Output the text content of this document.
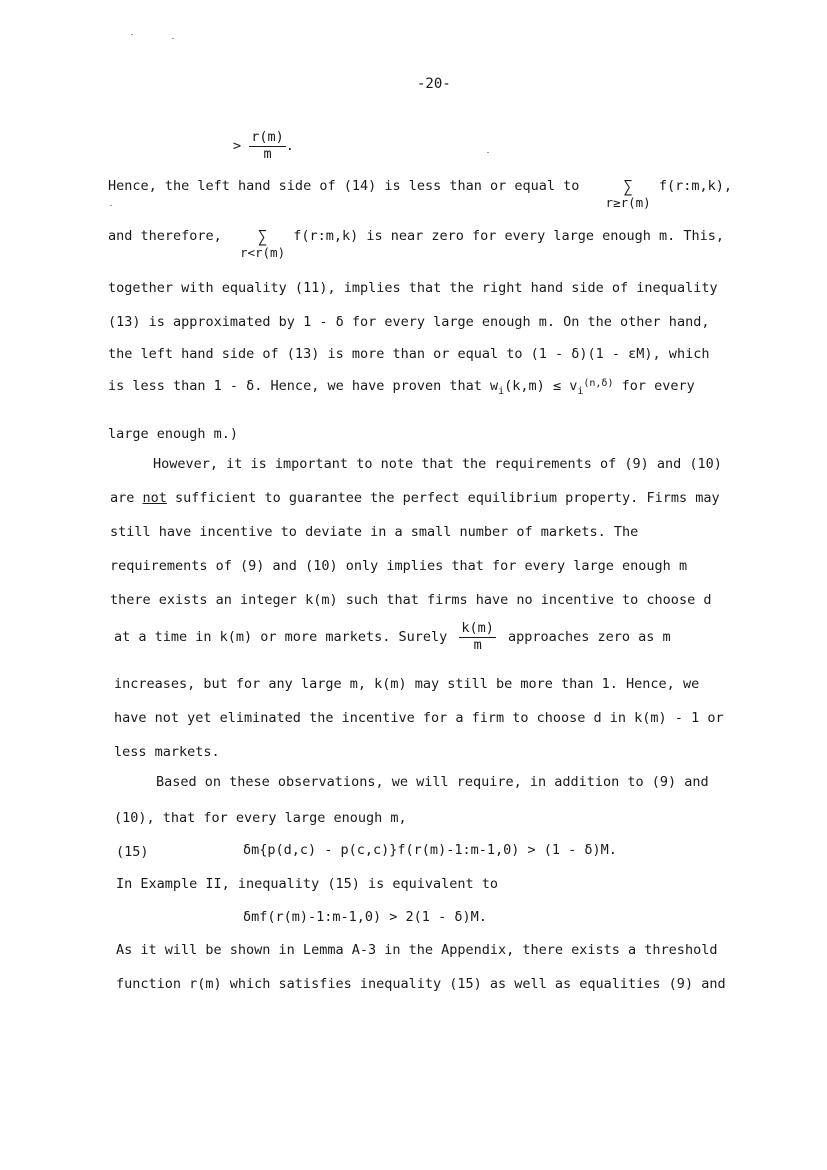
-20-
> $\frac{r(m)}{m}$ .
Hence, the left hand side of (14) is less than or equal to	∑
r≥r(m)
f(r:m,k),
and therefore, ∑
r<r(m)
f(r:m,k) is near zero for every large enough m. This,
together with equality (11), implies that the right hand side of inequality
(13) is approximated by 1 - δ for every large enough m. On the other hand,
the left hand side of (13) is more than or equal to (1 - δ)(1 - εM), which
is less than 1 - δ. Hence, we have proven that $w_i(k,m) \le v_i^{(n,\delta)}$ for every
large enough m.)
However, it is important to note that the requirements of (9) and (10)
are not sufficient to guarantee the perfect equilibrium property. Firms may
still have incentive to deviate in a small number of markets. The
requirements of (9) and (10) only implies that for every large enough m
there exists an integer k(m) such that firms have no incentive to choose d
at a time in k(m) or more markets. Surely $\frac{k(m)}{m}$ approaches zero as m
increases, but for any large m, k(m) may still be more than 1. Hence, we
have not yet eliminated the incentive for a firm to choose d in k(m) - 1 or
less markets.
Based on these observations, we will require, in addition to (9) and
(10), that for every large enough m,
(15)	δm{p(d,c) - p(c,c)}f(r(m)-1:m-1,0) > (1 - δ)M.
In Example II, inequality (15) is equivalent to
δmf(r(m)-1:m-1,0) > 2(1 - δ)M.
As it will be shown in Lemma A-3 in the Appendix, there exists a threshold
function r(m) which satisfies inequality (15) as well as equalities (9) and
